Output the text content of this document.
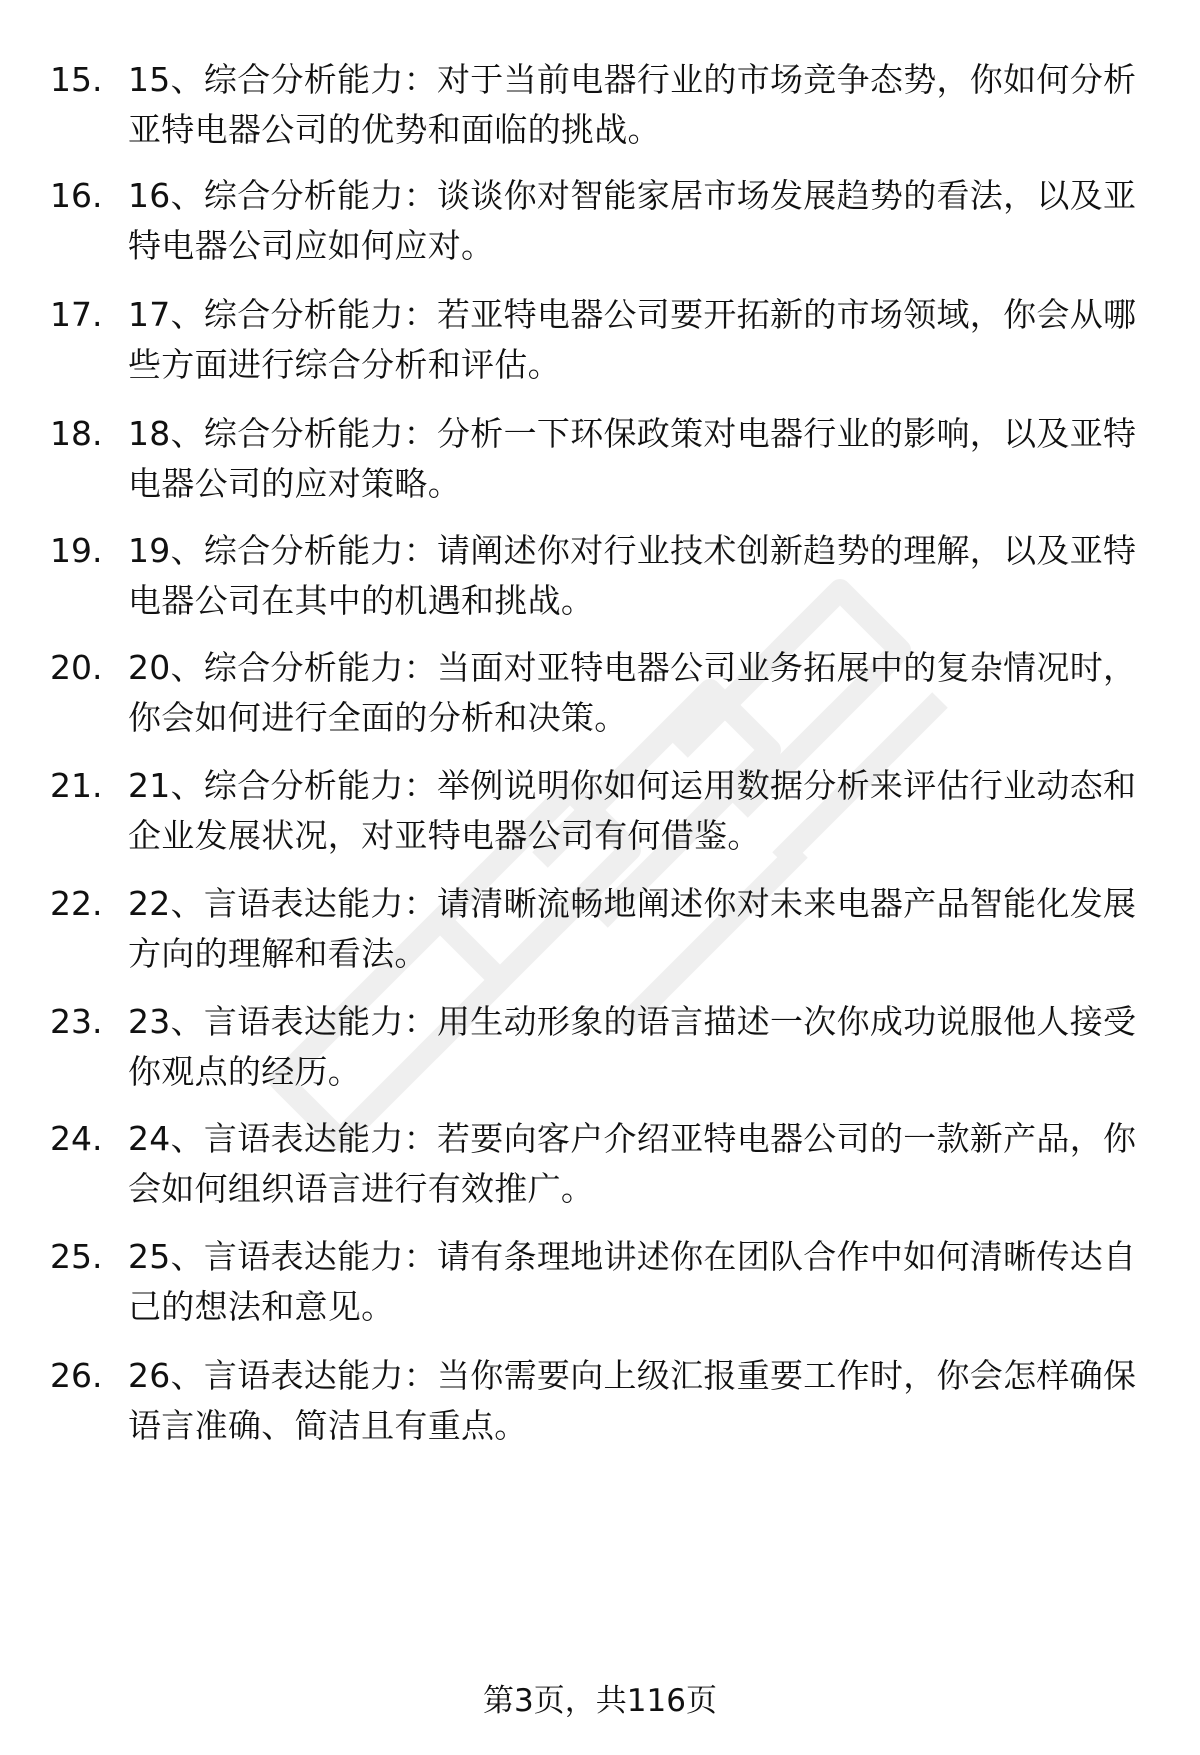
15. 15、综合分析能力：对于当前电器行业的市场竞争态势，你如何分析亚特电器公司的优势和面临的挑战。
16. 16、综合分析能力：谈谈你对智能家居市场发展趋势的看法，以及亚特电器公司应如何应对。
17. 17、综合分析能力：若亚特电器公司要开拓新的市场领域，你会从哪些方面进行综合分析和评估。
18. 18、综合分析能力：分析一下环保政策对电器行业的影响，以及亚特电器公司的应对策略。
19. 19、综合分析能力：请阐述你对行业技术创新趋势的理解，以及亚特电器公司在其中的机遇和挑战。
20. 20、综合分析能力：当面对亚特电器公司业务拓展中的复杂情况时，你会如何进行全面的分析和决策。
21. 21、综合分析能力：举例说明你如何运用数据分析来评估行业动态和企业发展状况，对亚特电器公司有何借鉴。
22. 22、言语表达能力：请清晰流畅地阐述你对未来电器产品智能化发展方向的理解和看法。
23. 23、言语表达能力：用生动形象的语言描述一次你成功说服他人接受你观点的经历。
24. 24、言语表达能力：若要向客户介绍亚特电器公司的一款新产品，你会如何组织语言进行有效推广。
25. 25、言语表达能力：请有条理地讲述你在团队合作中如何清晰传达自己的想法和意见。
26. 26、言语表达能力：当你需要向上级汇报重要工作时，你会怎样确保语言准确、简洁且有重点。
第3页，共116页
